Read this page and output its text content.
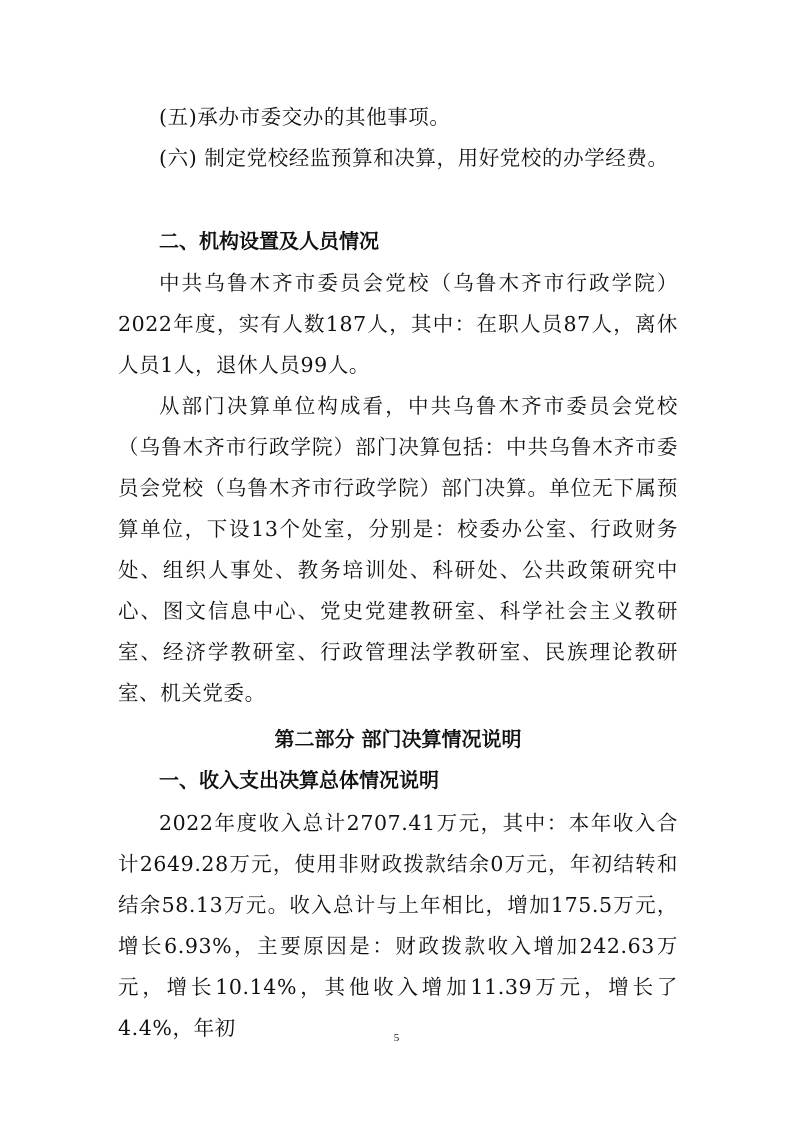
(五)承办市委交办的其他事项。

(六) 制定党校经监预算和决算，用好党校的办学经费。

二、机构设置及人员情况

中共乌鲁木齐市委员会党校（乌鲁木齐市行政学院）2022年度，实有人数187人，其中：在职人员87人，离休人员1人，退休人员99人。

从部门决算单位构成看，中共乌鲁木齐市委员会党校（乌鲁木齐市行政学院）部门决算包括：中共乌鲁木齐市委员会党校（乌鲁木齐市行政学院）部门决算。单位无下属预算单位，下设13个处室，分别是：校委办公室、行政财务处、组织人事处、教务培训处、科研处、公共政策研究中心、图文信息中心、党史党建教研室、科学社会主义教研室、经济学教研室、行政管理法学教研室、民族理论教研室、机关党委。

第二部分 部门决算情况说明

一、收入支出决算总体情况说明

2022年度收入总计2707.41万元，其中：本年收入合计2649.28万元，使用非财政拨款结余0万元，年初结转和结余58.13万元。收入总计与上年相比，增加175.5万元，增长6.93%，主要原因是：财政拨款收入增加242.63万元，增长10.14%，其他收入增加11.39万元，增长了4.4%，年初	5
